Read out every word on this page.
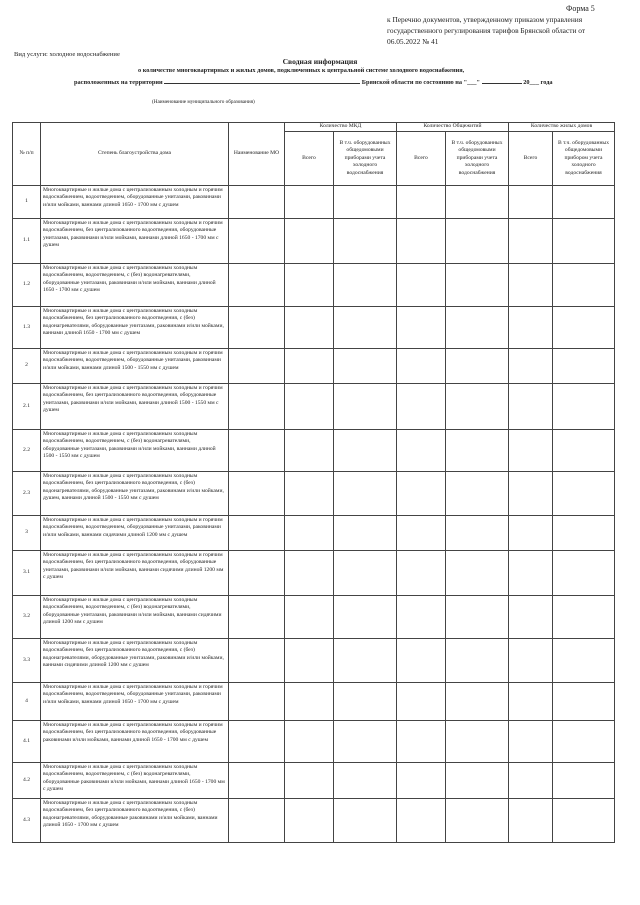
Форма 5
к Перечню документов, утвержденному приказом управления государственного регулирования тарифов Брянской области от 06.05.2022 № 41
Вид услуги: холодное водоснабжение
Сводная информация
о количестве многоквартирных и жилых домов, подключенных к центральной системе холодного водоснабжения,
расположенных на территории	Брянской области по состоянию на "___"	20___ года
(Наименование муниципального образования)
№ п/п	Степень благоустройства дома	Наименование МО	Количество МКД		Количество Общежитий		Количество жилых домов	
			Всего	В т.ч. оборудованных общедомовыми приборами учета холодного водоснабжения	Всего	В т.ч. оборудованных общедомовыми приборами учета холодного водоснабжения	Всего	В т.ч. оборудованных общедомовыми прибором учета холодного водоснабжения
1	Многоквартирные и жилые дома с централизованным холодным и горячим водоснабжением, водоотведением, оборудованные унитазами, раковинами и/или мойками, ваннами длиной 1650 - 1700 мм с душем							
1.1	Многоквартирные и жилые дома с централизованным холодным и горячим водоснабжением, без централизованного водоотведения, оборудованные унитазами, раковинами и/или мойками, ваннами длиной 1650 - 1700 мм с душем							
1.2	Многоквартирные и жилые дома с централизованным холодным водоснабжением, водоотведением, с (без) водонагревателями, оборудованные унитазами, раковинами и/или мойками, ваннами длиной 1650 - 1700 мм с душем							
1.3	Многоквартирные и жилые дома с централизованным холодным водоснабжением, без централизованного водоотведения, с (без) водонагревателями, оборудованные унитазами, раковинами и/или мойками, ваннами длиной 1650 - 1700 мм с душем							
2	Многоквартирные и жилые дома с централизованным холодным и горячим водоснабжением, водоотведением, оборудованные унитазами, раковинами и/или мойками, ваннами длиной 1500 - 1550 мм с душем							
2.1	Многоквартирные и жилые дома с централизованным холодным и горячим водоснабжением, без централизованного водоотведения, оборудованные унитазами, раковинами и/или мойками, ваннами длиной 1500 - 1550 мм с душем							
2.2	Многоквартирные и жилые дома с централизованным холодным водоснабжением, водоотведением, с (без) водонагревателями, оборудованные унитазами, раковинами и/или мойками, ваннами длиной 1500 - 1550 мм с душем							
2.3	Многоквартирные и жилые дома с централизованным холодным водоснабжением, без централизованного водоотведения, с (без) водонагревателями, оборудованные унитазами, раковинами и/или мойками, душем, ваннами длиной 1500 - 1550 мм с душем							
3	Многоквартирные и жилые дома с централизованным холодным и горячим водоснабжением, водоотведением, оборудованные унитазами, раковинами и/или мойками, ваннами сидячими длиной 1200 мм с душем							
3.1	Многоквартирные и жилые дома с централизованным холодным и горячим водоснабжением, без централизованного водоотведения, оборудованные унитазами, раковинами и/или мойками, ваннами сидячими длиной 1200 мм с душем							
3.2	Многоквартирные и жилые дома с централизованным холодным водоснабжением, водоотведением, с (без) водонагревателями, оборудованные унитазами, раковинами и/или мойками, ваннами сидячими длиной 1200 мм с душем							
3.3	Многоквартирные и жилые дома с централизованным холодным водоснабжением, без централизованного водоотведения, с (без) водонагревателями, оборудованные унитазами, раковинами и/или мойками, ваннами сидячими длиной 1200 мм с душем							
4	Многоквартирные и жилые дома с централизованным холодным и горячим водоснабжением, водоотведением, оборудованные унитазами, раковинами и/или мойками, ваннами длиной 1650 - 1700 мм с душем							
4.1	Многоквартирные и жилые дома с централизованным холодным и горячим водоснабжением, без централизованного водоотведения, оборудованные раковинами и/или мойками, ваннами длиной 1650 - 1700 мм с душем							
4.2	Многоквартирные и жилые дома с централизованным холодным водоснабжением, водоотведением, с (без) водонагревателями, оборудованные раковинами и/или мойками, ваннами длиной 1650 - 1700 мм с душем							
4.3	Многоквартирные и жилые дома с централизованным холодным водоснабжением, без централизованного водоотведения, с (без) водонагревателями, оборудованные раковинами и/или мойками, ваннами длиной 1650 - 1700 мм с душем							
